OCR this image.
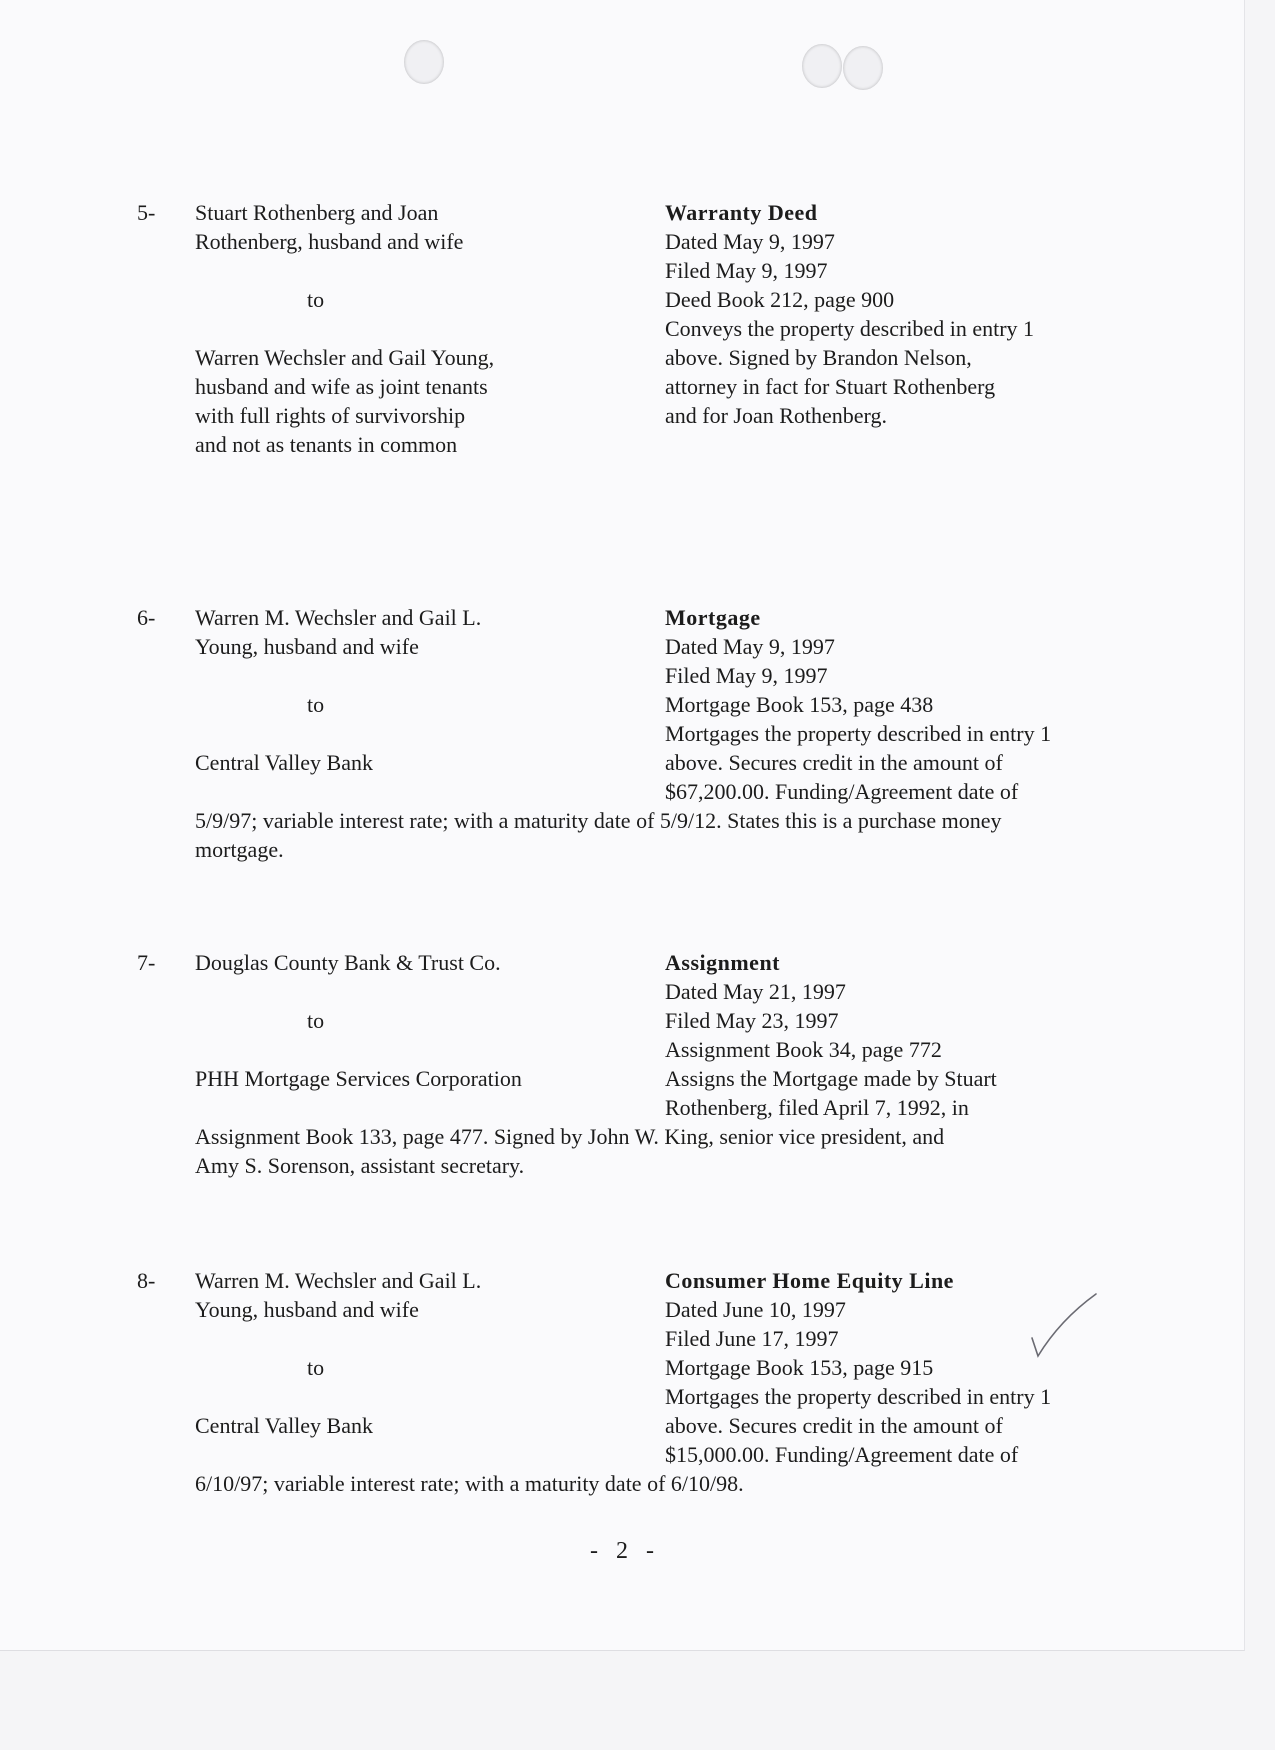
5- Stuart Rothenberg and Joan
Rothenberg, husband and wife
to
Warren Wechsler and Gail Young,
husband and wife as joint tenants
with full rights of survivorship
and not as tenants in common
Warranty Deed
Dated May 9, 1997
Filed May 9, 1997
Deed Book 212, page 900
Conveys the property described in entry 1
above. Signed by Brandon Nelson,
attorney in fact for Stuart Rothenberg
and for Joan Rothenberg.
6- Warren M. Wechsler and Gail L.
Young, husband and wife
to
Central Valley Bank
Mortgage
Dated May 9, 1997
Filed May 9, 1997
Mortgage Book 153, page 438
Mortgages the property described in entry 1
above. Secures credit in the amount of
$67,200.00. Funding/Agreement date of
5/9/97; variable interest rate; with a maturity date of 5/9/12. States this is a purchase money
mortgage.
7- Douglas County Bank & Trust Co.
to
PHH Mortgage Services Corporation
Assignment
Dated May 21, 1997
Filed May 23, 1997
Assignment Book 34, page 772
Assigns the Mortgage made by Stuart
Rothenberg, filed April 7, 1992, in
Assignment Book 133, page 477. Signed by John W. King, senior vice president, and
Amy S. Sorenson, assistant secretary.
8- Warren M. Wechsler and Gail L.
Young, husband and wife
to
Central Valley Bank
Consumer Home Equity Line
Dated June 10, 1997
Filed June 17, 1997
Mortgage Book 153, page 915
Mortgages the property described in entry 1
above. Secures credit in the amount of
$15,000.00. Funding/Agreement date of
6/10/97; variable interest rate; with a maturity date of 6/10/98.
- 2 -
